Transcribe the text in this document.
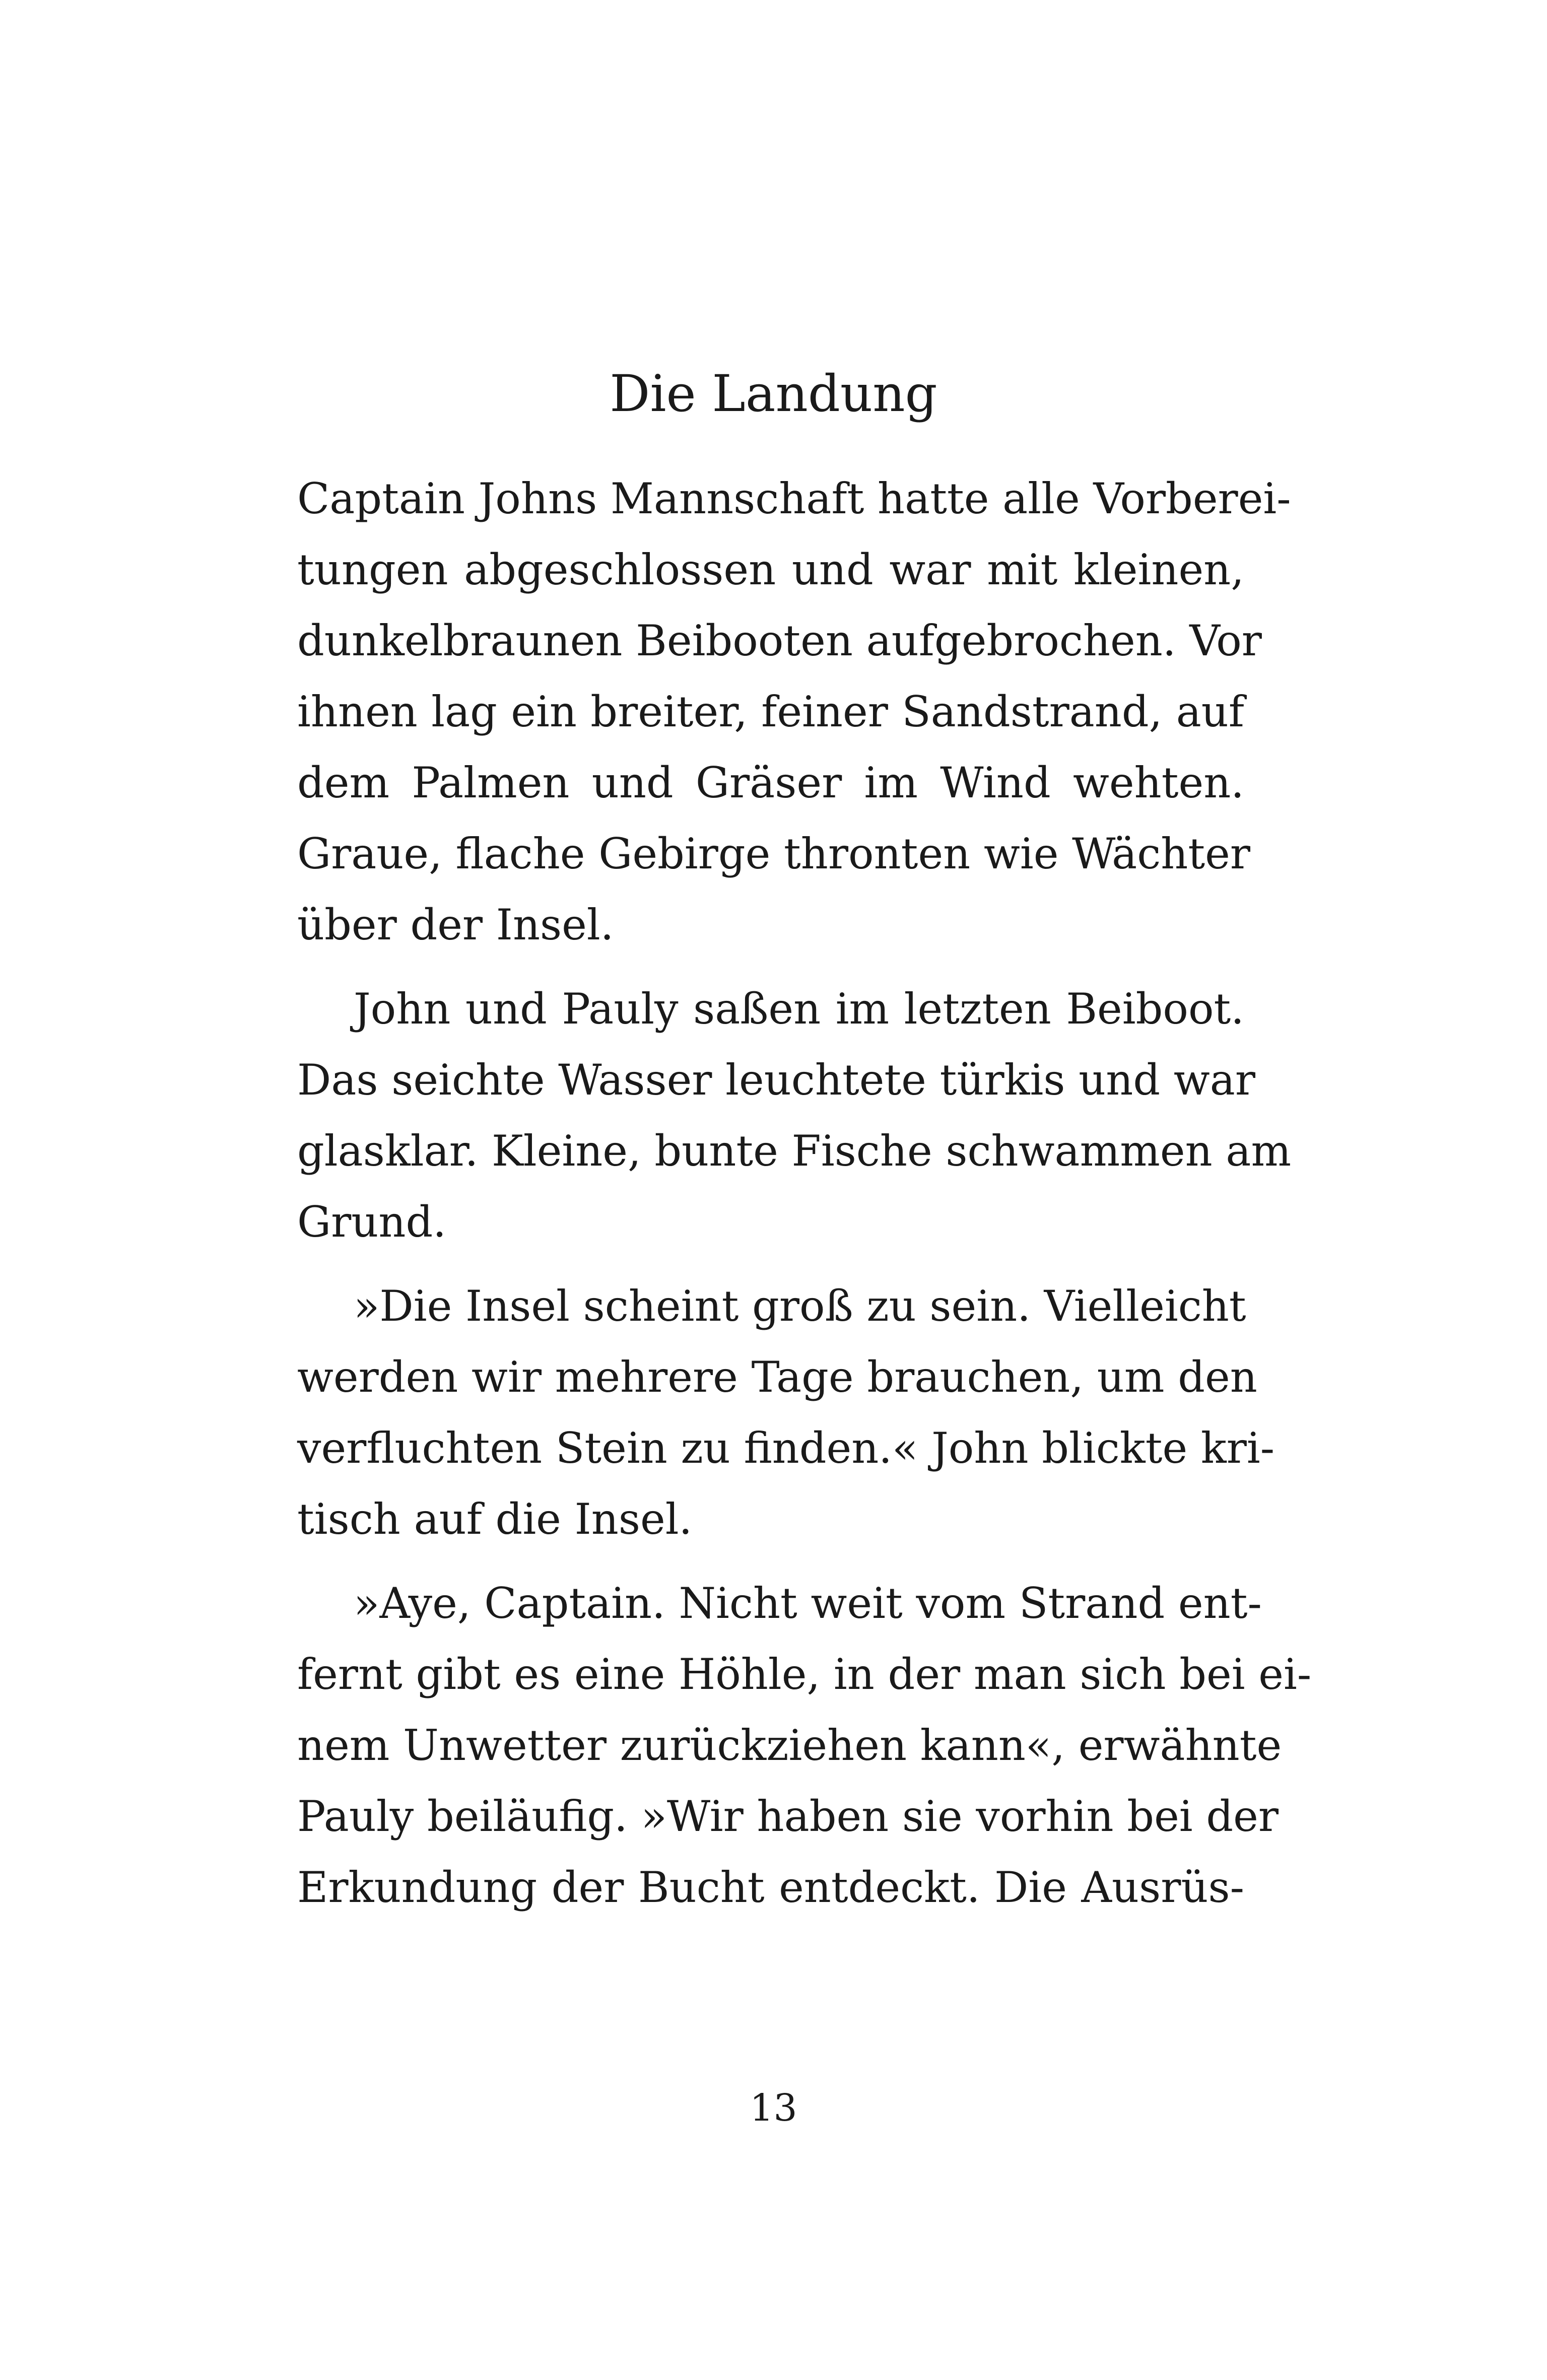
Die Landung
Captain Johns Mannschaft hatte alle Vorberei-
tungen abgeschlossen und war mit kleinen,
dunkelbraunen Beibooten aufgebrochen. Vor
ihnen lag ein breiter, feiner Sandstrand, auf
dem Palmen und Gräser im Wind wehten.
Graue, flache Gebirge thronten wie Wächter
über der Insel.
John und Pauly saßen im letzten Beiboot.
Das seichte Wasser leuchtete türkis und war
glasklar. Kleine, bunte Fische schwammen am
Grund.
»Die Insel scheint groß zu sein. Vielleicht
werden wir mehrere Tage brauchen, um den
verfluchten Stein zu finden.« John blickte kri-
tisch auf die Insel.
»Aye, Captain. Nicht weit vom Strand ent-
fernt gibt es eine Höhle, in der man sich bei ei-
nem Unwetter zurückziehen kann«, erwähnte
Pauly beiläufig. »Wir haben sie vorhin bei der
Erkundung der Bucht entdeckt. Die Ausrüs-
13
